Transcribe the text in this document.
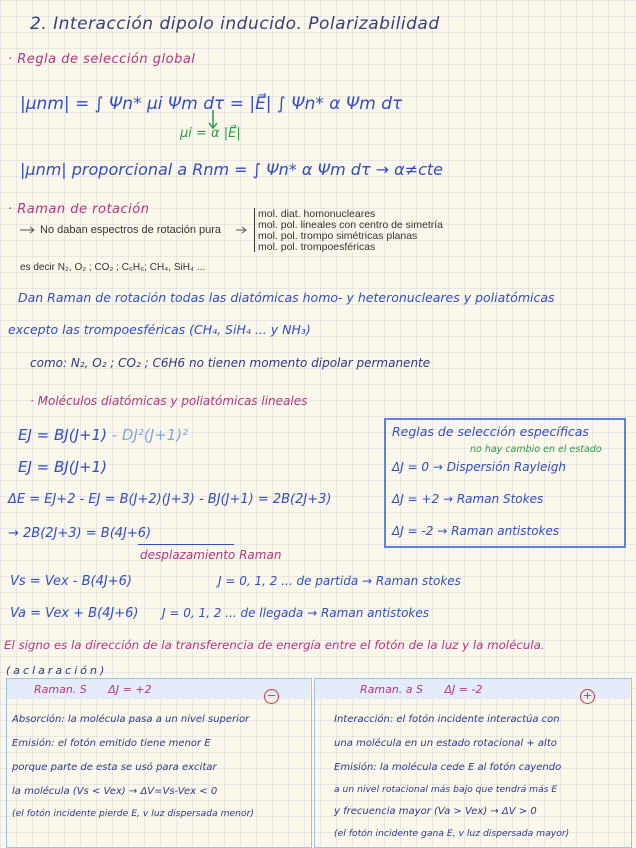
2. Interacción dipolo inducido. Polarizabilidad
· Regla de selección global
|μnm| = ∫ Ψn* μi Ψm dτ = |E⃗| ∫ Ψn* α Ψm dτ
μi = α |E⃗|
|μnm| proporcional a Rnm = ∫ Ψn* α Ψm dτ → α≠cte
· Raman de rotación
No daban espectros de rotación pura
mol. diat. homonucleares
mol. pol. lineales con centro de simetría
mol. pol. trompo simétricas planas
mol. pol. trompoesféricas
es decir N₂, O₂ ; CO₂ ; C₆H₆; CH₄, SiH₄ ...
Dan Raman de rotación todas las diatómicas homo- y heteronucleares y poliatómicas
excepto las trompoesféricas (CH₄, SiH₄ ... y NH₃)
como: N₂, O₂ ; CO₂ ; C6H6 no tienen momento dipolar permanente
· Moléculos diatómicas y poliatómicas lineales
EJ = BJ(J+1) - DJ²(J+1)²
EJ = BJ(J+1)
ΔE = EJ+2 - EJ = B(J+2)(J+3) - BJ(J+1) = 2B(2J+3)
→ 2B(2J+3) = B(4J+6)
desplazamiento Raman
Reglas de selección específicas
no hay cambio en el estado
ΔJ = 0 → Dispersión Rayleigh
ΔJ = +2 → Raman Stokes
ΔJ = -2 → Raman antistokes
Vs = Vex - B(4J+6)	J = 0, 1, 2 ... de partida → Raman stokes
Va = Vex + B(4J+6) J = 0, 1, 2 ... de llegada → Raman antistokes
El signo es la dirección de la transferencia de energía entre el fotón de la luz y la molécula.
(aclaración)
Raman. S ΔJ = +2	−	Raman. a S ΔJ = -2	+
Absorción: la molécula pasa a un nivel superior
Emisión: el fotón emitido tiene menor E
porque parte de esta se usó para excitar
la molécula (Vs < Vex) → ΔV=Vs-Vex < 0
(el fotón incidente pierde E, v luz dispersada menor)
Interacción: el fotón incidente interactúa con
una molécula en un estado rotacional + alto
Emisión: la molécula cede E al fotón cayendo
a un nivel rotacional más bajo que tendrá más E
y frecuencia mayor (Va > Vex) → ΔV > 0
(el fotón incidente gana E, v luz dispersada mayor)
